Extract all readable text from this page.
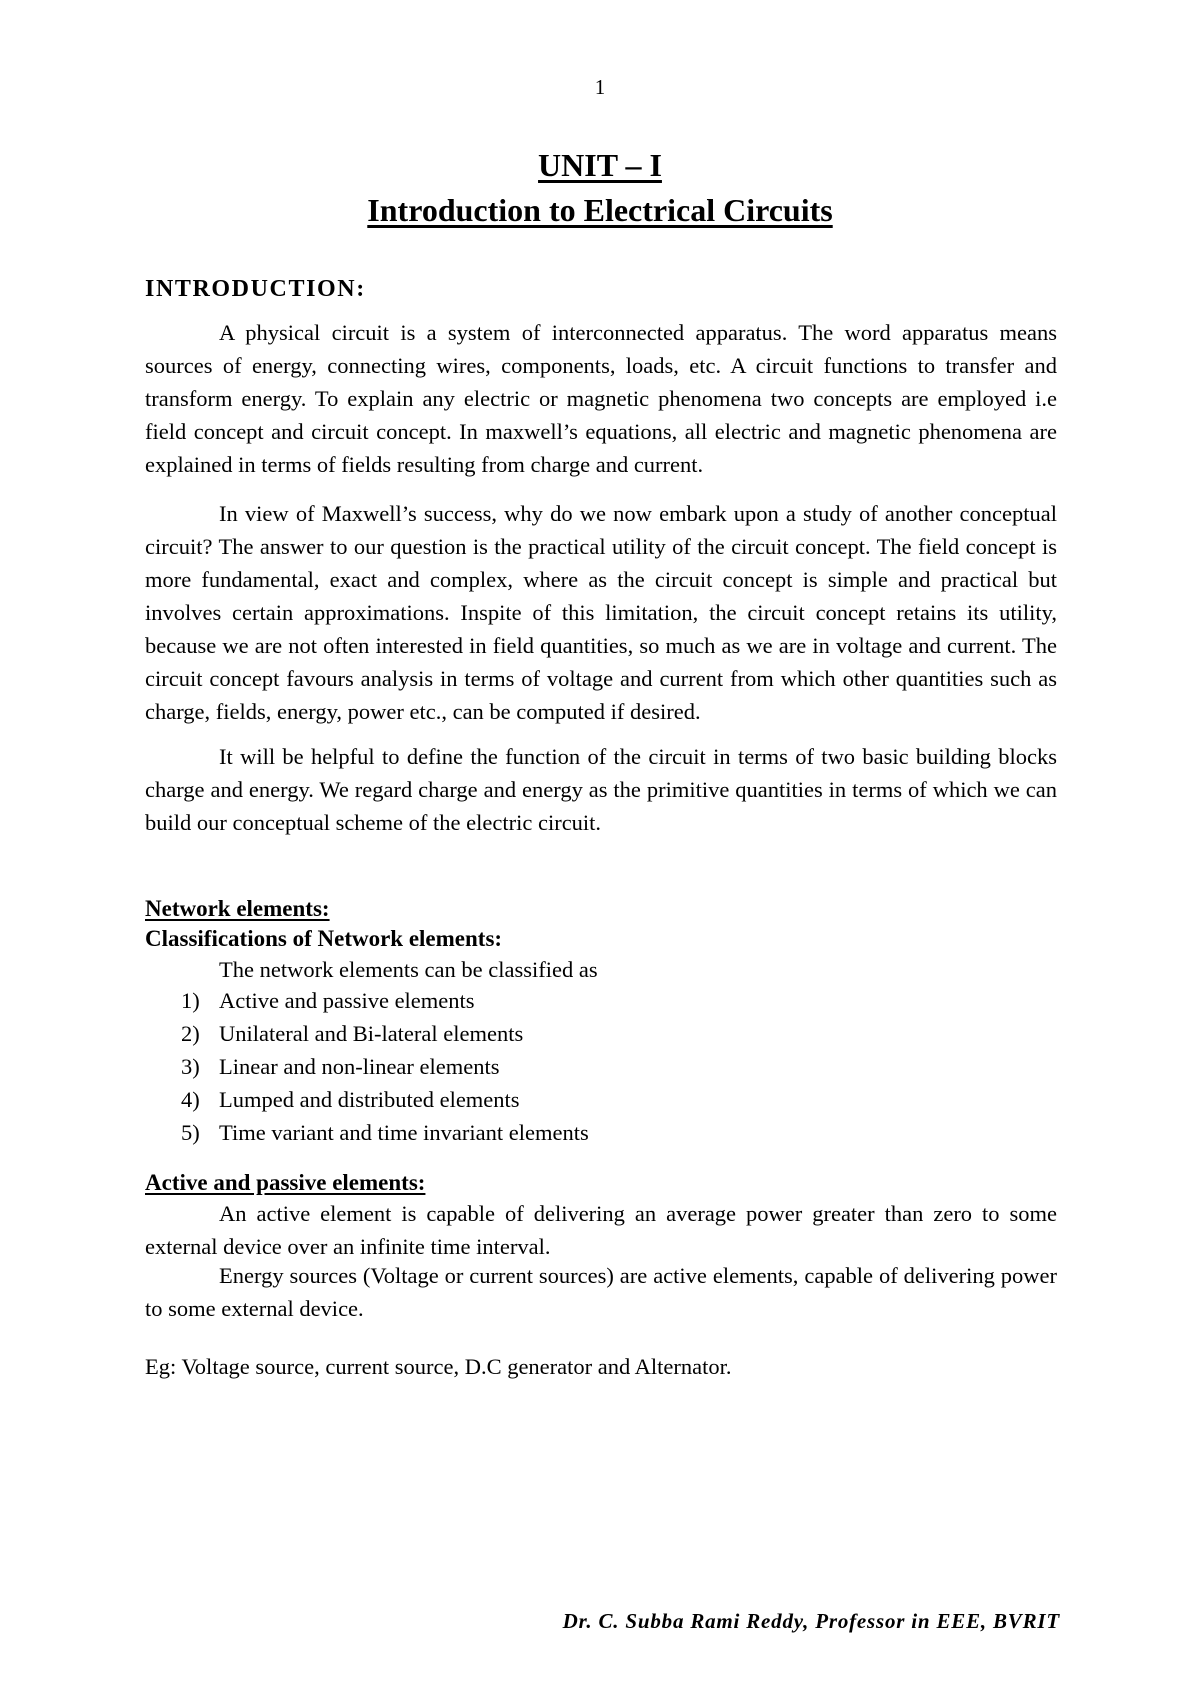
1
UNIT – I
Introduction to Electrical Circuits
INTRODUCTION:
A physical circuit is a system of interconnected apparatus. The word apparatus means sources of energy, connecting wires, components, loads, etc. A circuit functions to transfer and transform energy. To explain any electric or magnetic phenomena two concepts are employed i.e field concept and circuit concept. In maxwell’s equations, all electric and magnetic phenomena are explained in terms of fields resulting from charge and current.
In view of Maxwell’s success, why do we now embark upon a study of another conceptual circuit? The answer to our question is the practical utility of the circuit concept. The field concept is more fundamental, exact and complex, where as the circuit concept is simple and practical but involves certain approximations. Inspite of this limitation, the circuit concept retains its utility, because we are not often interested in field quantities, so much as we are in voltage and current. The circuit concept favours analysis in terms of voltage and current from which other quantities such as charge, fields, energy, power etc., can be computed if desired.
It will be helpful to define the function of the circuit in terms of two basic building blocks charge and energy. We regard charge and energy as the primitive quantities in terms of which we can build our conceptual scheme of the electric circuit.
Network elements:
Classifications of Network elements:
The network elements can be classified as
1) Active and passive elements
2) Unilateral and Bi-lateral elements
3) Linear and non-linear elements
4) Lumped and distributed elements
5) Time variant and time invariant elements
Active and passive elements:
An active element is capable of delivering an average power greater than zero to some external device over an infinite time interval.
Energy sources (Voltage or current sources) are active elements, capable of delivering power to some external device.
Eg: Voltage source, current source, D.C generator and Alternator.
Dr. C. Subba Rami Reddy, Professor in EEE, BVRIT
